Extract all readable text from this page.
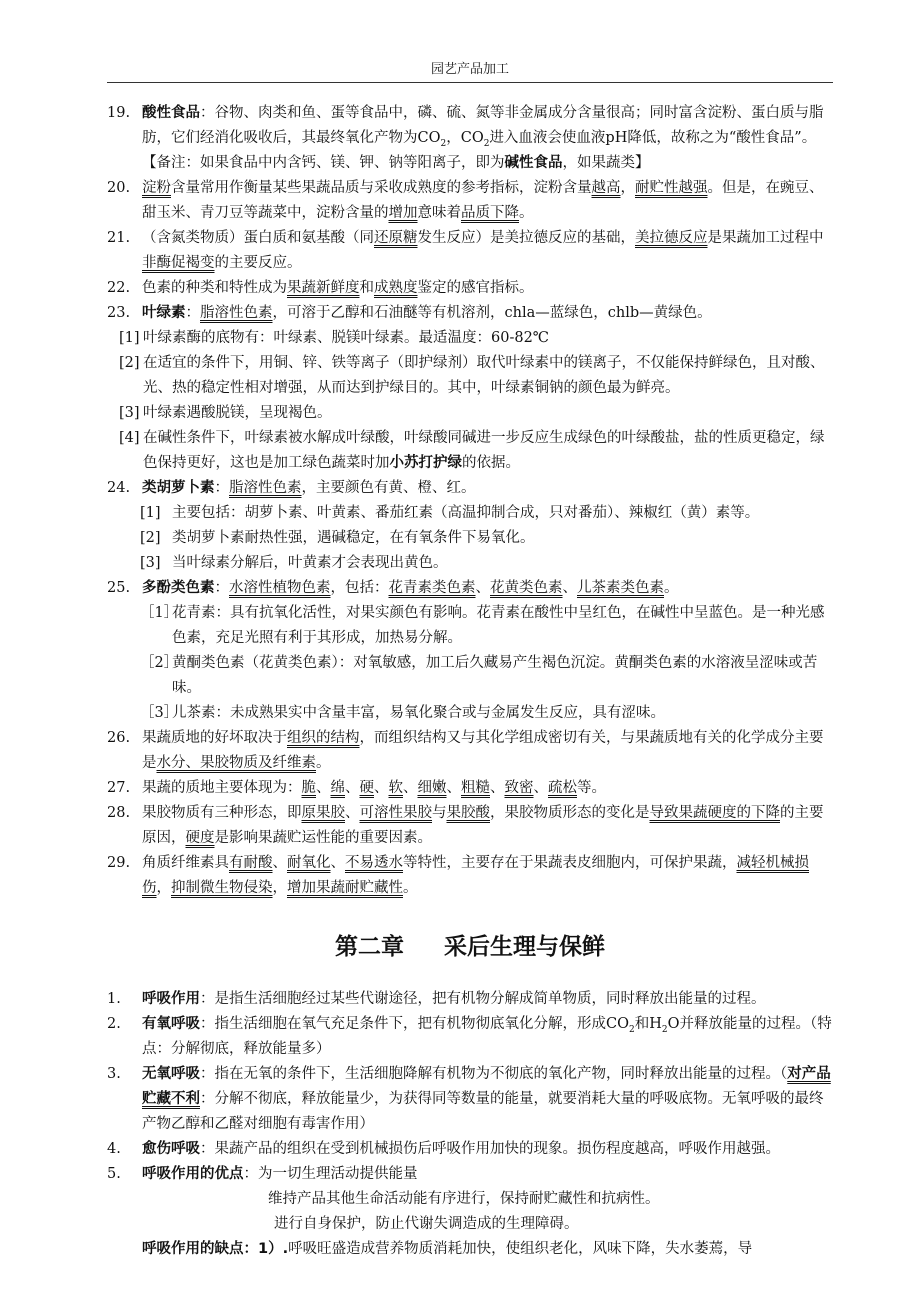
园艺产品加工
19. 酸性食品：谷物、肉类和鱼、蛋等食品中，磷、硫、氮等非金属成分含量很高；同时富含淀粉、蛋白质与脂肪，它们经消化吸收后，其最终氧化产物为$CO_2$，$CO_2$进入血液会使血液pH降低，故称之为“酸性食品”。【备注：如果食品中内含钙、镁、钾、钠等阳离子，即为碱性食品，如果蔬类】
20. 淀粉含量常用作衡量某些果蔬品质与采收成熟度的参考指标，淀粉含量越高，耐贮性越强。但是，在豌豆、甜玉米、青刀豆等蔬菜中，淀粉含量的增加意味着品质下降。
21. （含氮类物质）蛋白质和氨基酸（同还原糖发生反应）是美拉德反应的基础，美拉德反应是果蔬加工过程中非酶促褐变的主要反应。
22. 色素的种类和特性成为果蔬新鲜度和成熟度鉴定的感官指标。
23. 叶绿素：脂溶性色素，可溶于乙醇和石油醚等有机溶剂，chla—蓝绿色，chlb—黄绿色。
[1] 叶绿素酶的底物有：叶绿素、脱镁叶绿素。最适温度：60-82℃
[2] 在适宜的条件下，用铜、锌、铁等离子（即护绿剂）取代叶绿素中的镁离子，不仅能保持鲜绿色，且对酸、光、热的稳定性相对增强，从而达到护绿目的。其中，叶绿素铜钠的颜色最为鲜亮。
[3] 叶绿素遇酸脱镁，呈现褐色。
[4] 在碱性条件下，叶绿素被水解成叶绿酸，叶绿酸同碱进一步反应生成绿色的叶绿酸盐，盐的性质更稳定，绿色保持更好，这也是加工绿色蔬菜时加小苏打护绿的依据。
24. 类胡萝卜素：脂溶性色素，主要颜色有黄、橙、红。
[1] 主要包括：胡萝卜素、叶黄素、番茄红素（高温抑制合成，只对番茄）、辣椒红（黄）素等。
[2] 类胡萝卜素耐热性强，遇碱稳定，在有氧条件下易氧化。
[3] 当叶绿素分解后，叶黄素才会表现出黄色。
25. 多酚类色素：水溶性植物色素，包括：花青素类色素、花黄类色素、儿茶素类色素。
［1］
花青素：具有抗氧化活性，对果实颜色有影响。花青素在酸性中呈红色，在碱性中呈蓝色。是一种光感色素，充足光照有利于其形成，加热易分解。
［2］
黄酮类色素（花黄类色素）：对氧敏感，加工后久藏易产生褐色沉淀。黄酮类色素的水溶液呈涩味或苦味。
［3］
儿茶素：未成熟果实中含量丰富，易氧化聚合或与金属发生反应，具有涩味。
26. 果蔬质地的好坏取决于组织的结构，而组织结构又与其化学组成密切有关，与果蔬质地有关的化学成分主要是水分、果胶物质及纤维素。
27. 果蔬的质地主要体现为：脆、绵、硬、软、细嫩、粗糙、致密、疏松等。
28. 果胶物质有三种形态，即原果胶、可溶性果胶与果胶酸，果胶物质形态的变化是导致果蔬硬度的下降的主要原因，硬度是影响果蔬贮运性能的重要因素。
29. 角质纤维素具有耐酸、耐氧化、不易透水等特性，主要存在于果蔬表皮细胞内，可保护果蔬，减轻机械损伤，抑制微生物侵染，增加果蔬耐贮藏性。
第二章 采后生理与保鲜
1. 呼吸作用：是指生活细胞经过某些代谢途径，把有机物分解成简单物质，同时释放出能量的过程。
2. 有氧呼吸：指生活细胞在氧气充足条件下，把有机物彻底氧化分解，形成$CO_2$和$H_2O$并释放能量的过程。（特点：分解彻底，释放能量多）
3. 无氧呼吸：指在无氧的条件下，生活细胞降解有机物为不彻底的氧化产物，同时释放出能量的过程。（对产品贮藏不利：分解不彻底，释放能量少，为获得同等数量的能量，就要消耗大量的呼吸底物。无氧呼吸的最终产物乙醇和乙醛对细胞有毒害作用）
4. 愈伤呼吸：果蔬产品的组织在受到机械损伤后呼吸作用加快的现象。损伤程度越高，呼吸作用越强。
5. 呼吸作用的优点：为一切生理活动提供能量
维持产品其他生命活动能有序进行，保持耐贮藏性和抗病性。
进行自身保护，防止代谢失调造成的生理障碍。
呼吸作用的缺点：1）.呼吸旺盛造成营养物质消耗加快，使组织老化，风味下降，失水萎蔫，导
